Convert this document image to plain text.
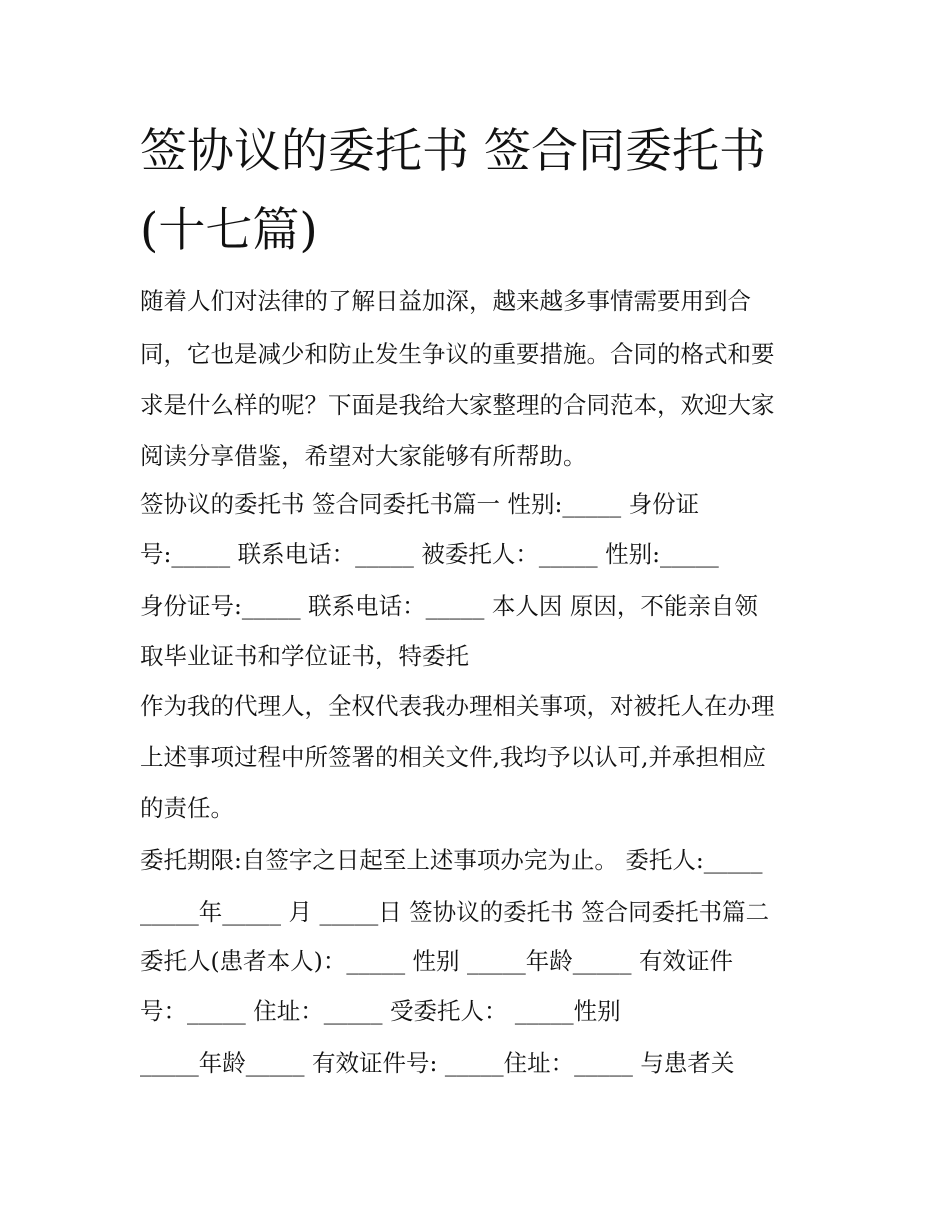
签协议的委托书 签合同委托书
(十七篇)

随着人们对法律的了解日益加深，越来越多事情需要用到合

同，它也是减少和防止发生争议的重要措施。合同的格式和要

求是什么样的呢？下面是我给大家整理的合同范本，欢迎大家

阅读分享借鉴，希望对大家能够有所帮助。

签协议的委托书 签合同委托书篇一 性别:_____ 身份证

号:_____ 联系电话：_____ 被委托人：_____ 性别:_____

身份证号:_____ 联系电话：_____ 本人因 原因，不能亲自领

取毕业证书和学位证书，特委托

作为我的代理人，全权代表我办理相关事项，对被托人在办理

上述事项过程中所签署的相关文件,我均予以认可,并承担相应

的责任。

委托期限:自签字之日起至上述事项办完为止。 委托人:_____

_____年_____ 月 _____日 签协议的委托书 签合同委托书篇二

委托人(患者本人)：_____ 性别 _____年龄_____ 有效证件

号：_____ 住址：_____ 受委托人： _____性别

_____年龄_____ 有效证件号: _____住址：_____ 与患者关
